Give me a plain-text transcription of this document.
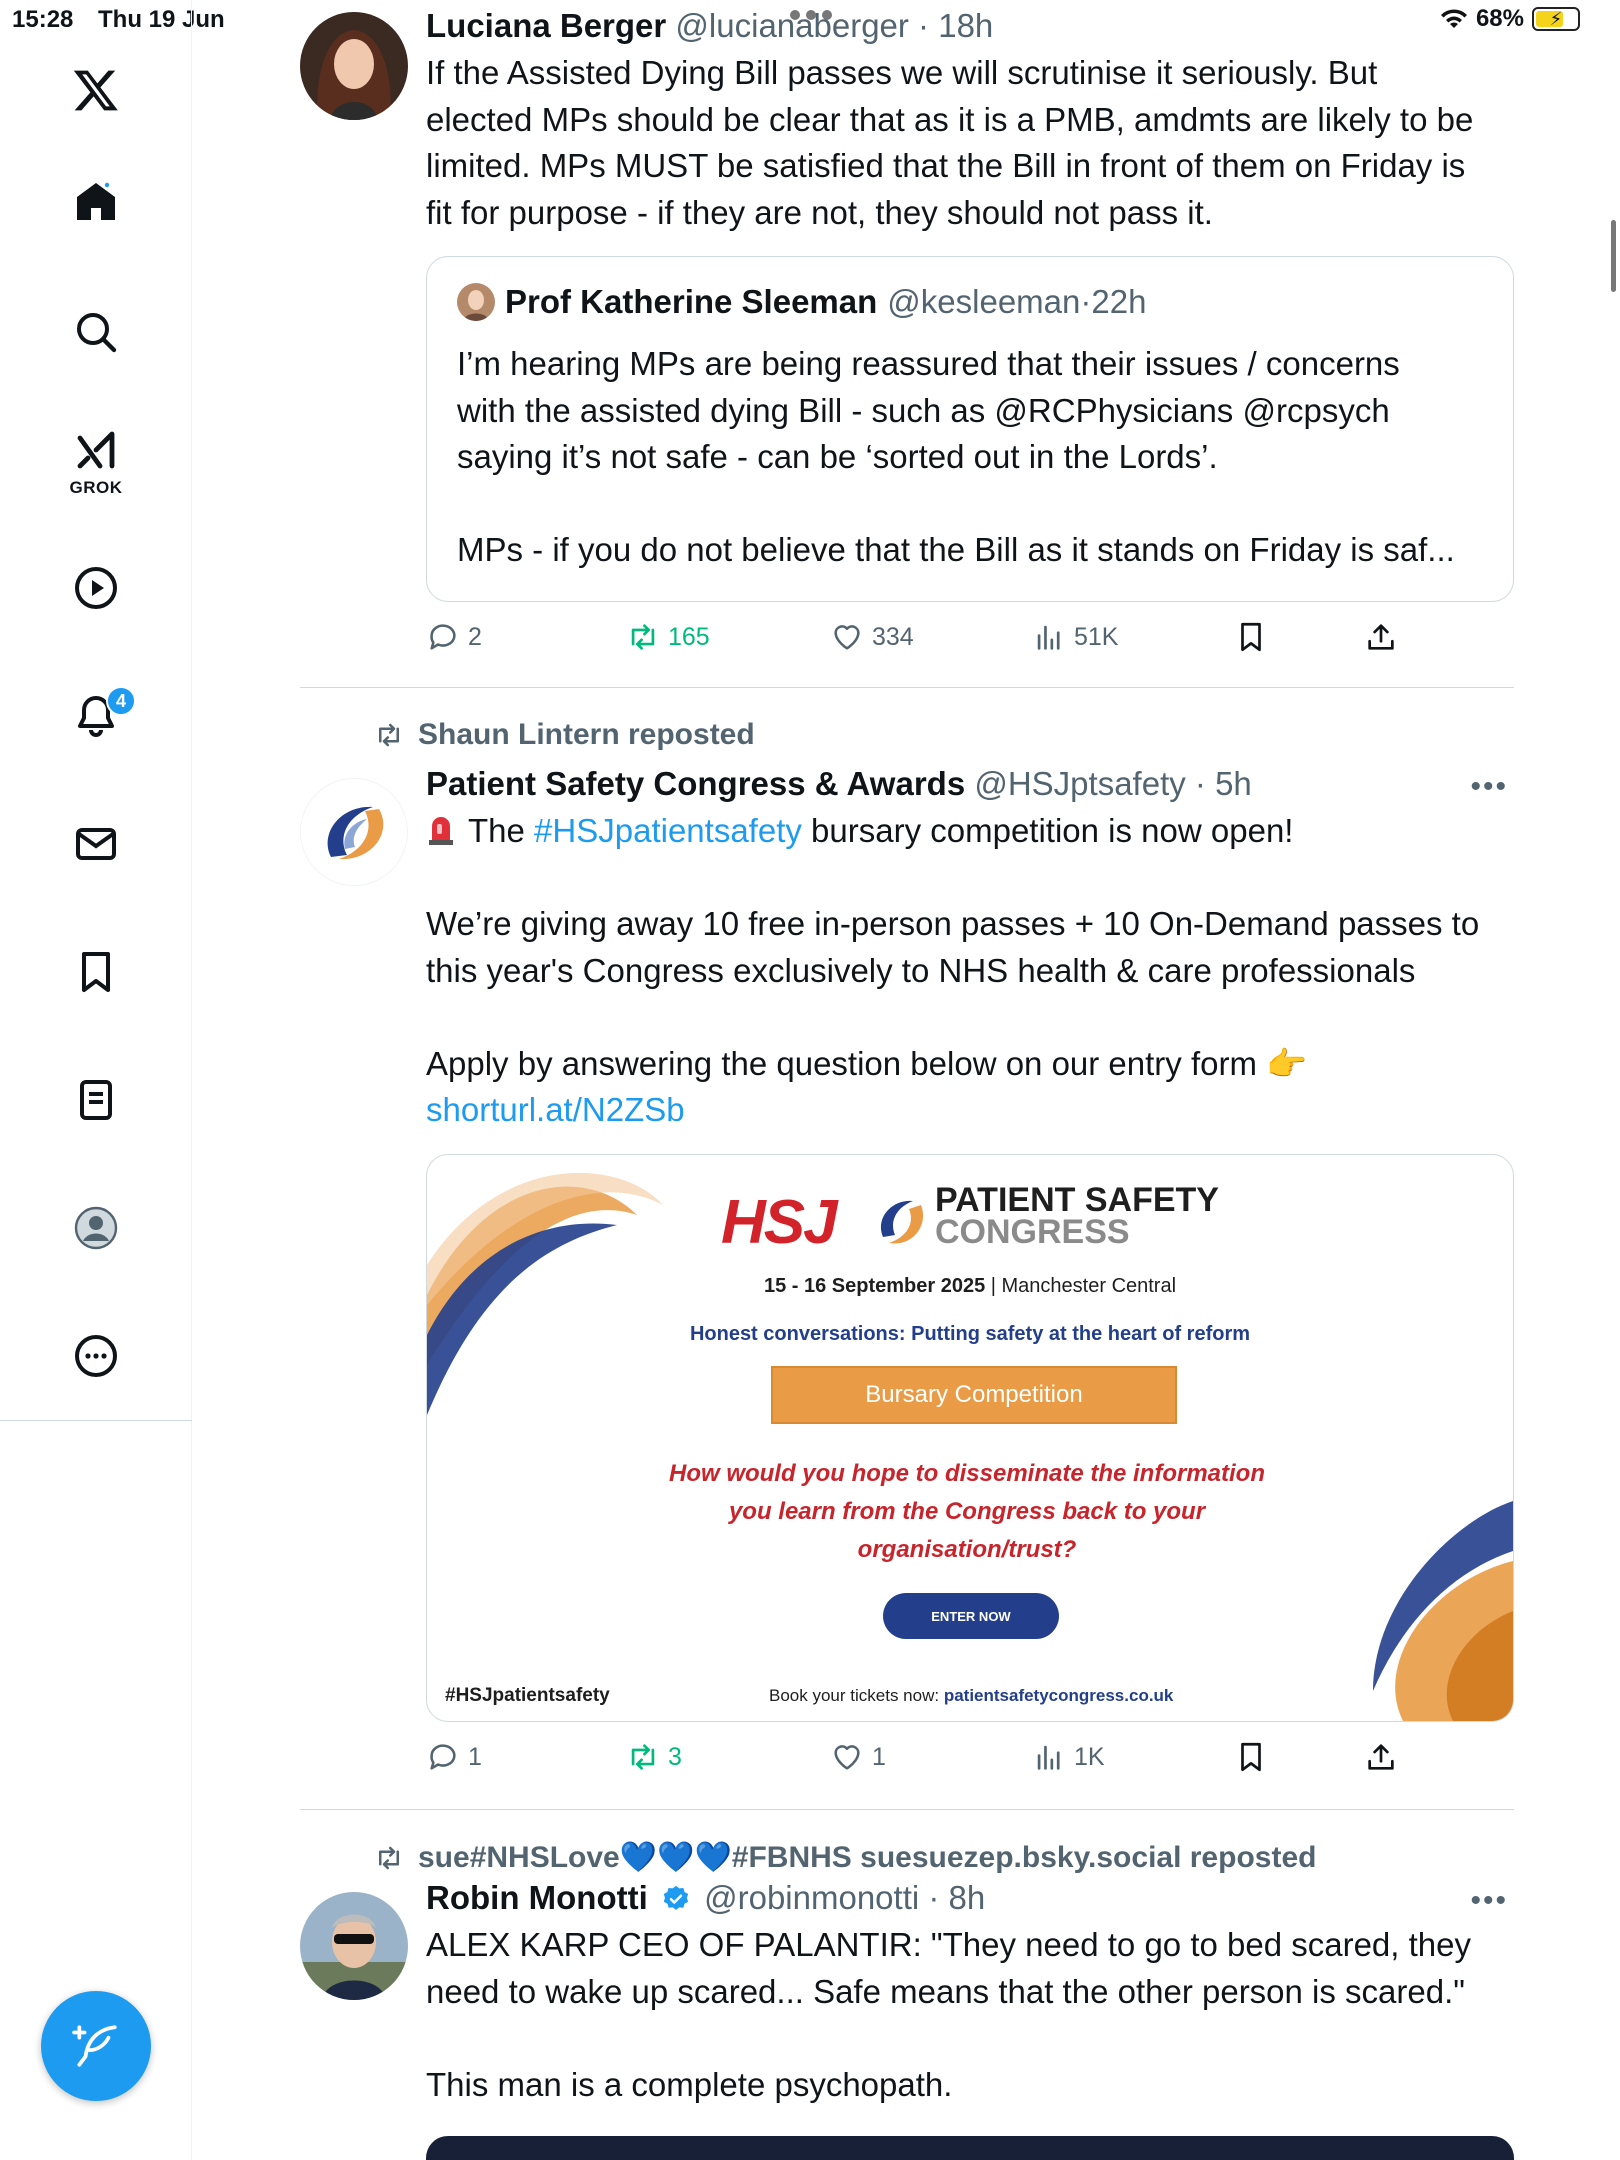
15:28 Thu 19 Jun	68% ⚡
GROK
4
Luciana Berger @lucianaberger · 18h

If the Assisted Dying Bill passes we will scrutinise it seriously. But

elected MPs should be clear that as it is a PMB, amdmts are likely to be

limited. MPs MUST be satisfied that the Bill in front of them on Friday is

fit for purpose - if they are not, they should not pass it.

Prof Katherine Sleeman @kesleeman · 22h

I’m hearing MPs are being reassured that their issues / concerns

with the assisted dying Bill - such as @RCPhysicians @rcpsych

saying it’s not safe - can be ‘sorted out in the Lords’.

MPs - if you do not believe that the Bill as it stands on Friday is saf...

2	165	334	51K
Shaun Lintern reposted
Patient Safety Congress & Awards @HSJptsafety · 5h

The #HSJpatientsafety bursary competition is now open!

We’re giving away 10 free in-person passes + 10 On-Demand passes to

this year's Congress exclusively to NHS health & care professionals

Apply by answering the question below on our entry form 👉

shorturl.at/N2ZSb

•••
HSJ	PATIENT SAFETY
CONGRESS
15 - 16 September 2025 | Manchester Central
Honest conversations: Putting safety at the heart of reform
Bursary Competition
How would you hope to disseminate the information
you learn from the Congress back to your
organisation/trust?
ENTER NOW
#HSJpatientsafety	Book your tickets now: patientsafetycongress.co.uk
1	3	1	1K
sue#NHSLove💙💙💙#FBNHS suesuezep.bsky.social reposted
Robin Monotti @robinmonotti · 8h

ALEX KARP CEO OF PALANTIR: "They need to go to bed scared, they

need to wake up scared... Safe means that the other person is scared."

This man is a complete psychopath.

•••
